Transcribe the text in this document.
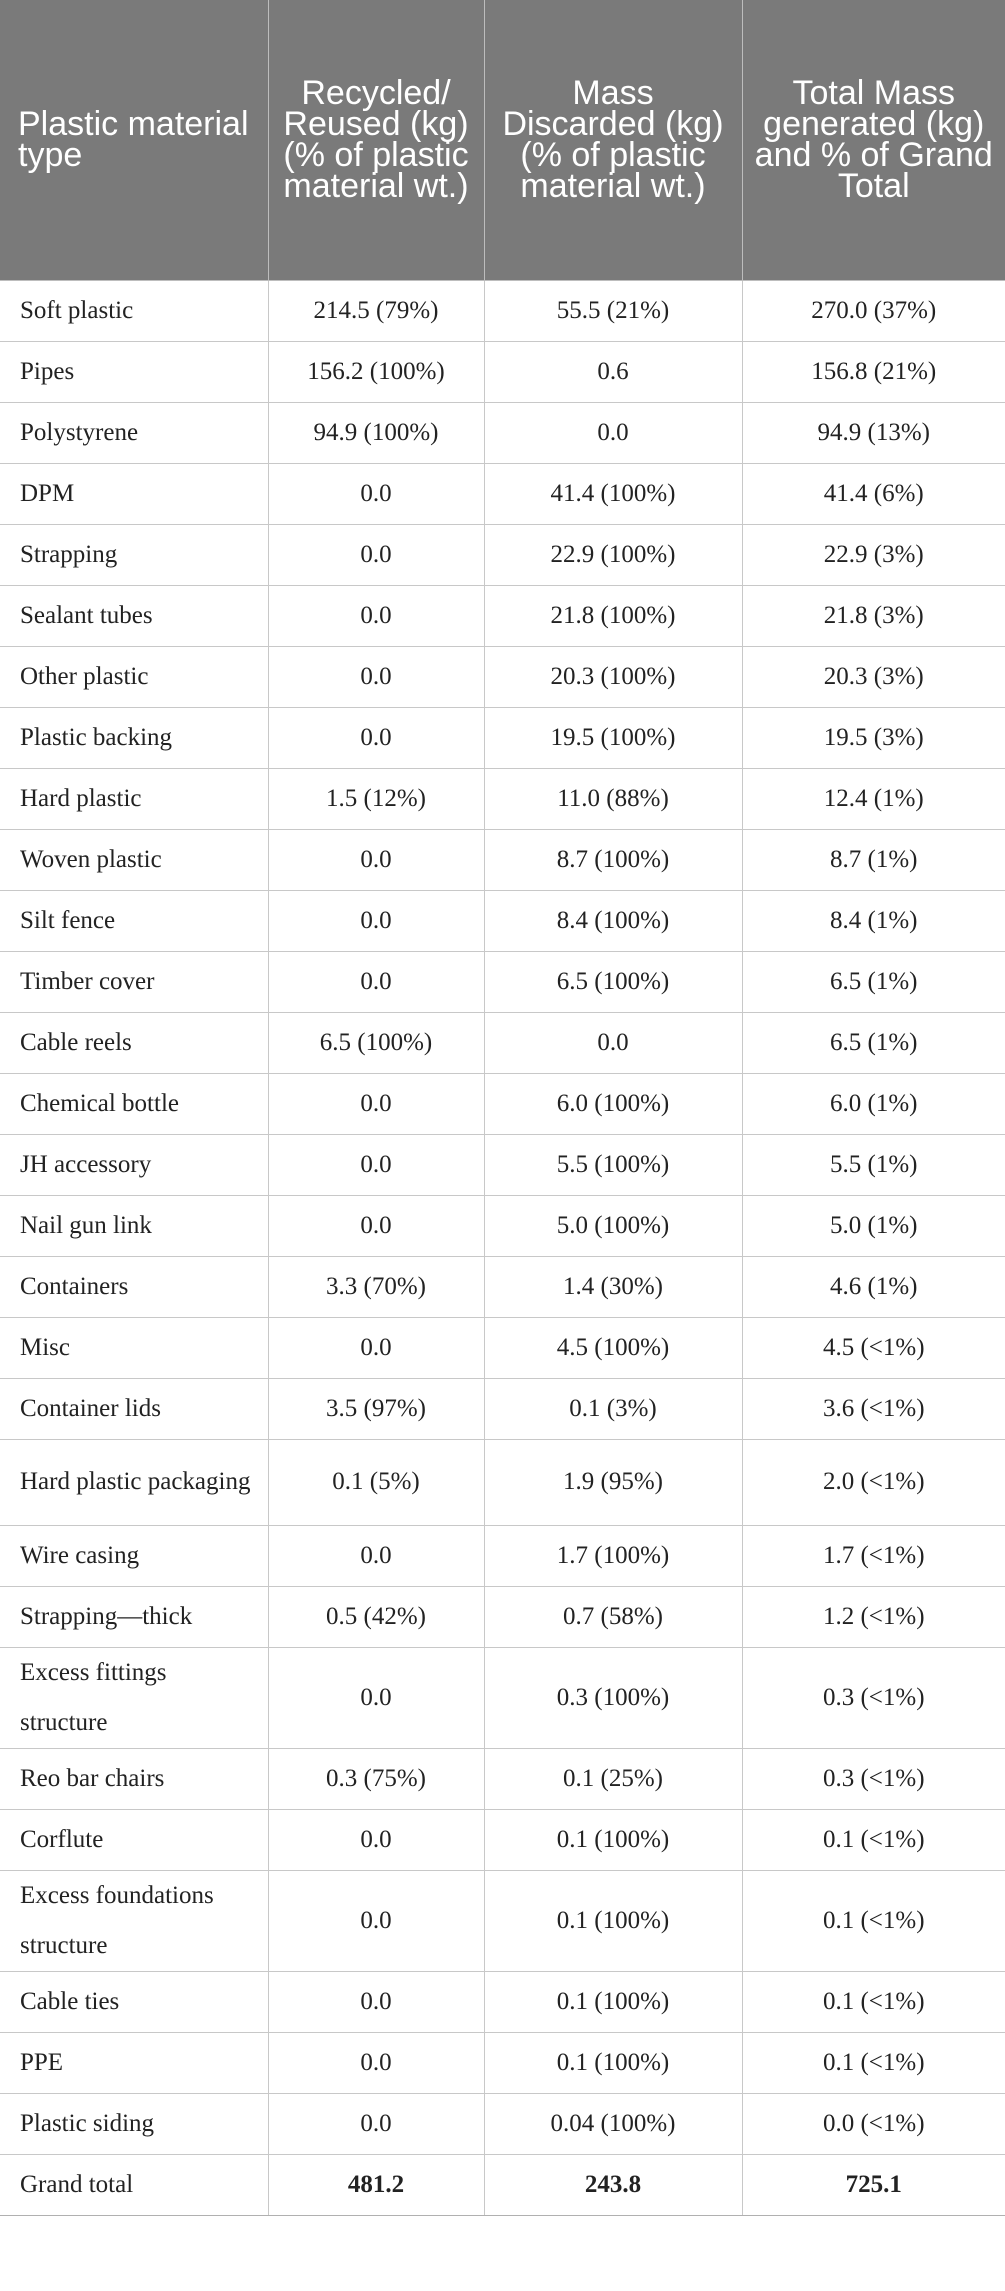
Plastic material type	Recycled/ Reused (kg) (% of plastic material wt.)	Mass Discarded (kg) (% of plastic material wt.)	Total Mass generated (kg) and % of Grand Total
Soft plastic	214.5 (79%)	55.5 (21%)	270.0 (37%)
Pipes	156.2 (100%)	0.6	156.8 (21%)
Polystyrene	94.9 (100%)	0.0	94.9 (13%)
DPM	0.0	41.4 (100%)	41.4 (6%)
Strapping	0.0	22.9 (100%)	22.9 (3%)
Sealant tubes	0.0	21.8 (100%)	21.8 (3%)
Other plastic	0.0	20.3 (100%)	20.3 (3%)
Plastic backing	0.0	19.5 (100%)	19.5 (3%)
Hard plastic	1.5 (12%)	11.0 (88%)	12.4 (1%)
Woven plastic	0.0	8.7 (100%)	8.7 (1%)
Silt fence	0.0	8.4 (100%)	8.4 (1%)
Timber cover	0.0	6.5 (100%)	6.5 (1%)
Cable reels	6.5 (100%)	0.0	6.5 (1%)
Chemical bottle	0.0	6.0 (100%)	6.0 (1%)
JH accessory	0.0	5.5 (100%)	5.5 (1%)
Nail gun link	0.0	5.0 (100%)	5.0 (1%)
Containers	3.3 (70%)	1.4 (30%)	4.6 (1%)
Misc	0.0	4.5 (100%)	4.5 (<1%)
Container lids	3.5 (97%)	0.1 (3%)	3.6 (<1%)
Hard plastic packaging	0.1 (5%)	1.9 (95%)	2.0 (<1%)
Wire casing	0.0	1.7 (100%)	1.7 (<1%)
Strapping—thick	0.5 (42%)	0.7 (58%)	1.2 (<1%)
Excess fittings structure	0.0	0.3 (100%)	0.3 (<1%)
Reo bar chairs	0.3 (75%)	0.1 (25%)	0.3 (<1%)
Corflute	0.0	0.1 (100%)	0.1 (<1%)
Excess foundations structure	0.0	0.1 (100%)	0.1 (<1%)
Cable ties	0.0	0.1 (100%)	0.1 (<1%)
PPE	0.0	0.1 (100%)	0.1 (<1%)
Plastic siding	0.0	0.04 (100%)	0.0 (<1%)
Grand total	481.2	243.8	725.1
